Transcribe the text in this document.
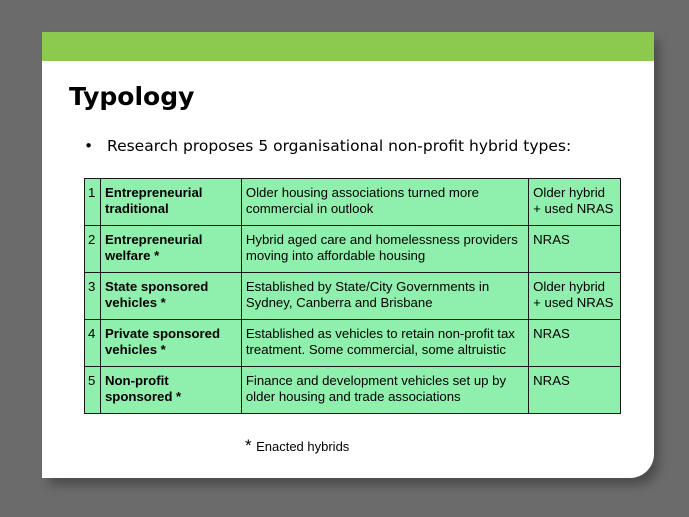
Typology
• Research proposes 5 organisational non-profit hybrid types:
1	Entrepreneurial traditional	Older housing associations turned more commercial in outlook	Older hybrid + used NRAS
2	Entrepreneurial welfare *	Hybrid aged care and homelessness providers moving into affordable housing	NRAS
3	State sponsored vehicles *	Established by State/City Governments in Sydney, Canberra and Brisbane	Older hybrid + used NRAS
4	Private sponsored vehicles *	Established as vehicles to retain non-profit tax treatment. Some commercial, some altruistic	NRAS
5	Non-profit sponsored *	Finance and development vehicles set up by older housing and trade associations	NRAS
* Enacted hybrids
